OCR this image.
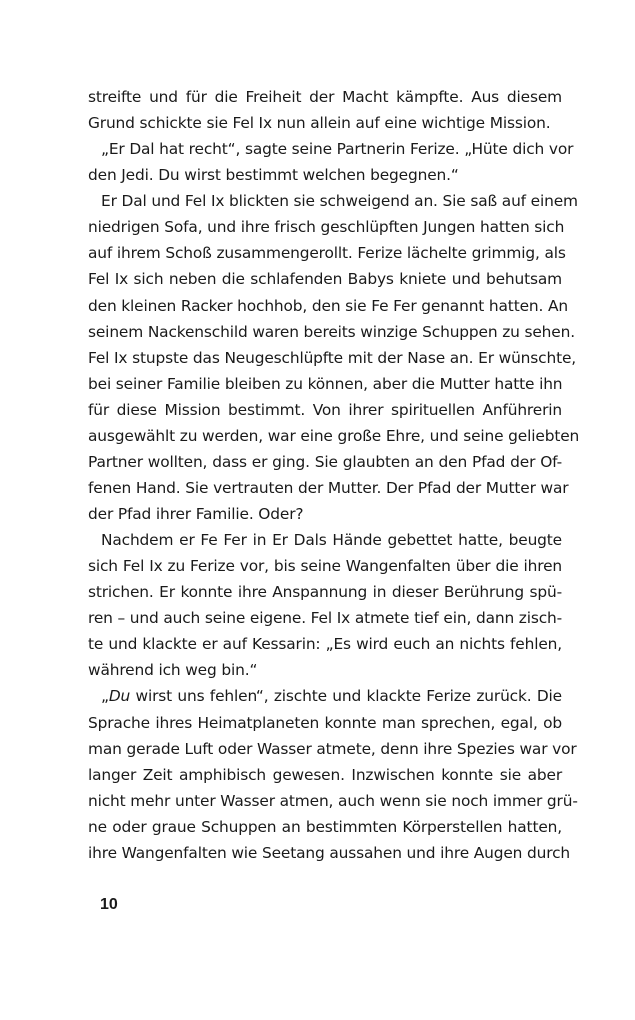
streifte und für die Freiheit der Macht kämpfte. Aus diesem
Grund schickte sie Fel Ix nun allein auf eine wichtige Mission.
„Er Dal hat recht“, sagte seine Partnerin Ferize. „Hüte dich vor
den Jedi. Du wirst bestimmt welchen begegnen.“
Er Dal und Fel Ix blickten sie schweigend an. Sie saß auf einem
niedrigen Sofa, und ihre frisch geschlüpften Jungen hatten sich
auf ihrem Schoß zusammengerollt. Ferize lächelte grimmig, als
Fel Ix sich neben die schlafenden Babys kniete und behutsam
den kleinen Racker hochhob, den sie Fe Fer genannt hatten. An
seinem Nackenschild waren bereits winzige Schuppen zu sehen.
Fel Ix stupste das Neugeschlüpfte mit der Nase an. Er wünschte,
bei seiner Familie bleiben zu können, aber die Mutter hatte ihn
für diese Mission bestimmt. Von ihrer spirituellen Anführerin
ausgewählt zu werden, war eine große Ehre, und seine geliebten
Partner wollten, dass er ging. Sie glaubten an den Pfad der Of-
fenen Hand. Sie vertrauten der Mutter. Der Pfad der Mutter war
der Pfad ihrer Familie. Oder?
Nachdem er Fe Fer in Er Dals Hände gebettet hatte, beugte
sich Fel Ix zu Ferize vor, bis seine Wangenfalten über die ihren
strichen. Er konnte ihre Anspannung in dieser Berührung spü-
ren – und auch seine eigene. Fel Ix atmete tief ein, dann zisch-
te und klackte er auf Kessarin: „Es wird euch an nichts fehlen,
während ich weg bin.“
„Du wirst uns fehlen“, zischte und klackte Ferize zurück. Die
Sprache ihres Heimatplaneten konnte man sprechen, egal, ob
man gerade Luft oder Wasser atmete, denn ihre Spezies war vor
langer Zeit amphibisch gewesen. Inzwischen konnte sie aber
nicht mehr unter Wasser atmen, auch wenn sie noch immer grü-
ne oder graue Schuppen an bestimmten Körperstellen hatten,
ihre Wangenfalten wie Seetang aussahen und ihre Augen durch
10
